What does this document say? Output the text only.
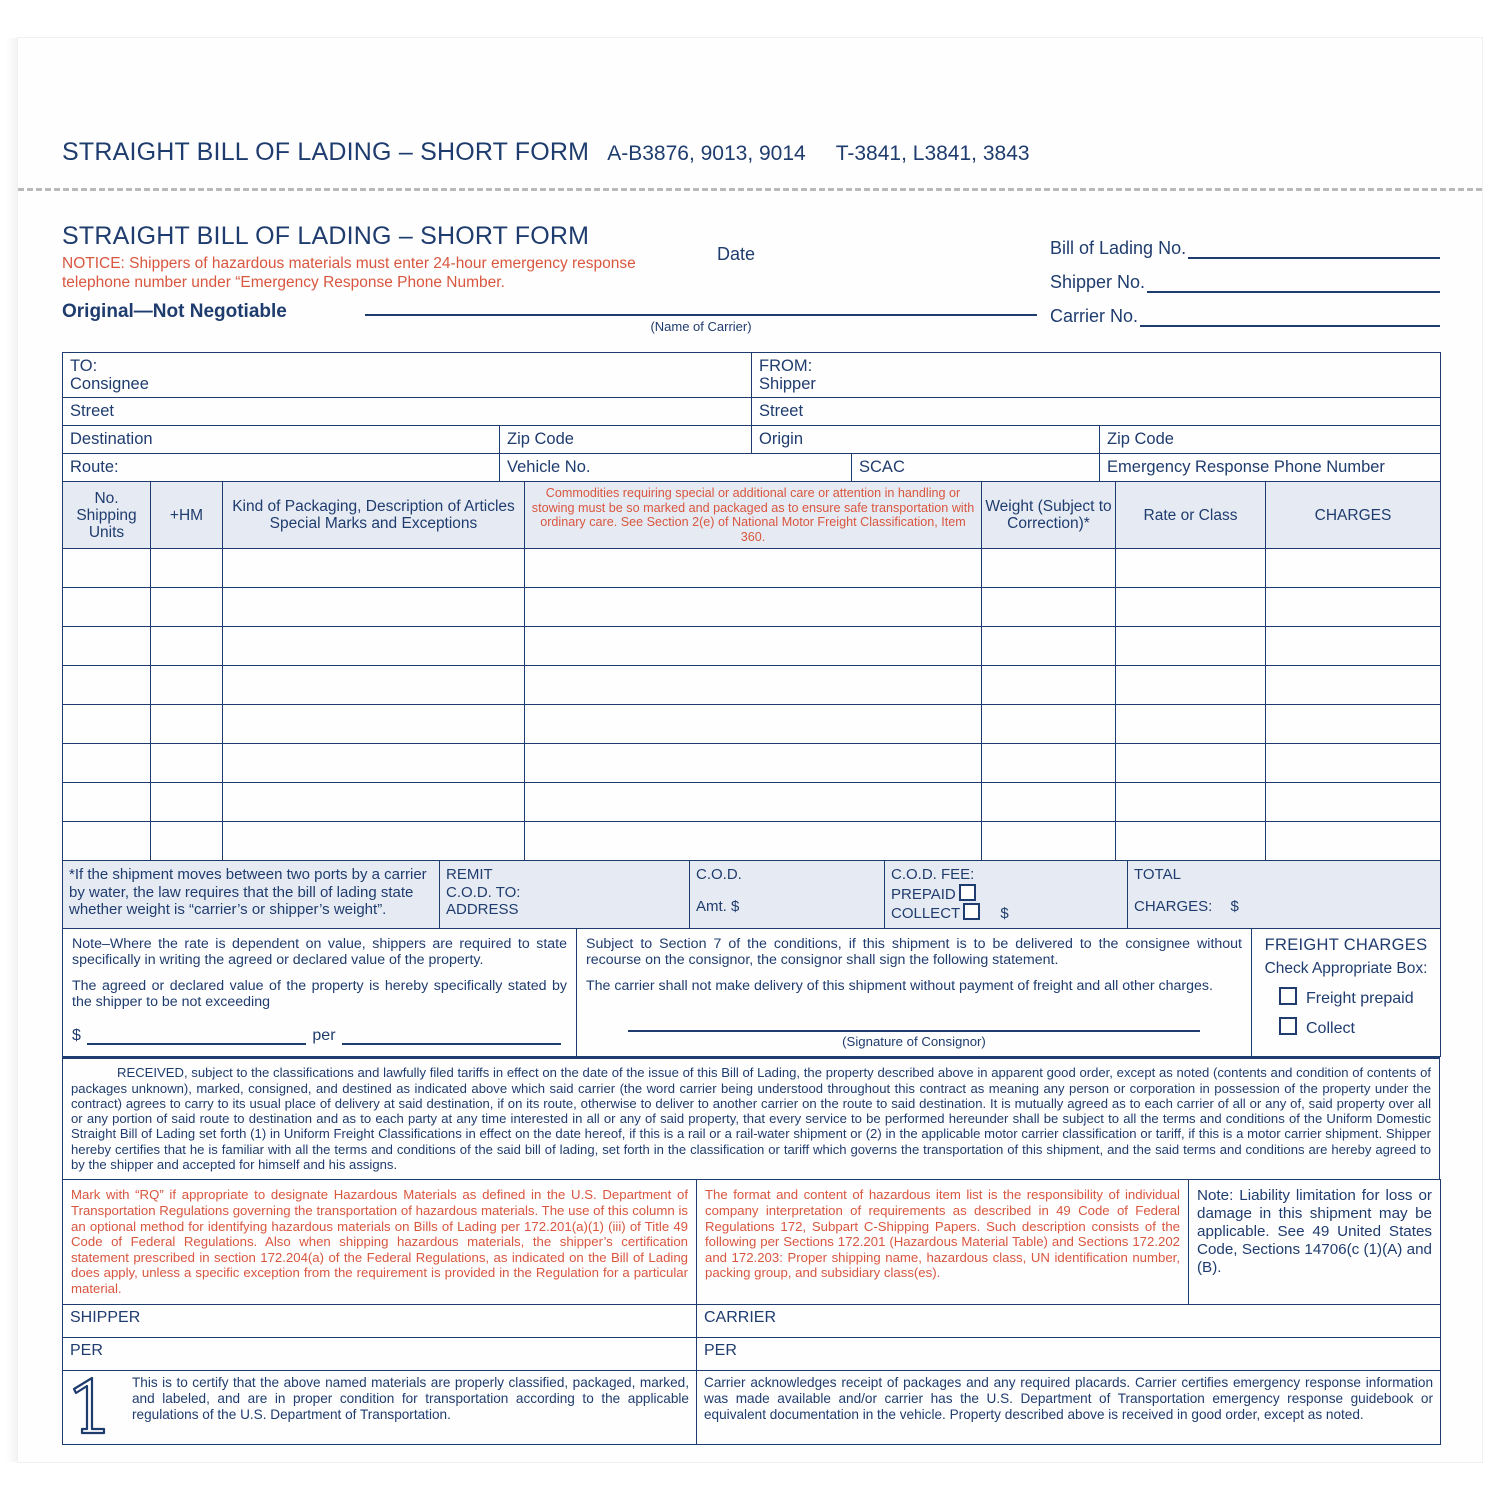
STRAIGHT BILL OF LADING – SHORT FORM A-B3876, 9013, 9014 T-3841, L3841, 3843
STRAIGHT BILL OF LADING – SHORT FORM
NOTICE: Shippers of hazardous materials must enter 24-hour emergency response telephone number under “Emergency Response Phone Number.
Original—Not Negotiable
(Name of Carrier)
Date	Bill of Lading No.
Shipper No.
Carrier No.
TO:
Consignee

FROM:
Shipper

Street		Street		
Destination	Zip Code	Origin		Zip Code
Route:	Vehicle No.		SCAC	Emergency Response Phone Number
No. Shipping Units	+HM	Kind of Packaging, Description of Articles Special Marks and Exceptions	Commodities requiring special or additional care or attention in handling or stowing must be so marked and packaged as to ensure safe transportation with ordinary care. See Section 2(e) of National Motor Freight Classification, Item 360.	Weight (Subject to Correction)*	Rate or Class	CHARGES

*If the shipment moves between two ports by a carrier by water, the law requires that the bill of lading state whether weight is “carrier’s or shipper’s weight”.	
REMIT
C.O.D. TO:
ADDRESS

C.O.D.
Amt. $

C.O.D. FEE:
PREPAID
COLLECT	$

TOTAL
CHARGES: $

Note–Where the rate is dependent on value, shippers are required to state specifically in writing the agreed or declared value of the property.

The agreed or declared value of the property is hereby specifically stated by the shipper to be not exceeding

$	per

Subject to Section 7 of the conditions, if this shipment is to be delivered to the consignee without recourse on the consignor, the consignor shall sign the following statement.

The carrier shall not make delivery of this shipment without payment of freight and all other charges.

(Signature of Consignor)

FREIGHT CHARGES
Check Appropriate Box:
Freight prepaid
Collect
RECEIVED, subject to the classifications and lawfully filed tariffs in effect on the date of the issue of this Bill of Lading, the property described above in apparent good order, except as noted (contents and condition of contents of packages unknown), marked, consigned, and destined as indicated above which said carrier (the word carrier being understood throughout this contract as meaning any person or corporation in possession of the property under the contract) agrees to carry to its usual place of delivery at said destination, if on its route, otherwise to deliver to another carrier on the route to said destination. It is mutually agreed as to each carrier of all or any of, said property over all or any portion of said route to destination and as to each party at any time interested in all or any of said property, that every service to be performed hereunder shall be subject to all the terms and conditions of the Uniform Domestic Straight Bill of Lading set forth (1) in Uniform Freight Classifications in effect on the date hereof, if this is a rail or a rail-water shipment or (2) in the applicable motor carrier classification or tariff, if this is a motor carrier shipment. Shipper hereby certifies that he is familiar with all the terms and conditions of the said bill of lading, set forth in the classification or tariff which governs the transportation of this shipment, and the said terms and conditions are hereby agreed to by the shipper and accepted for himself and his assigns.
Mark with “RQ” if appropriate to designate Hazardous Materials as defined in the U.S. Department of Transportation Regulations governing the transportation of hazardous materials. The use of this column is an optional method for identifying hazardous materials on Bills of Lading per 172.201(a)(1) (iii) of Title 49 Code of Federal Regulations. Also when shipping hazardous materials, the shipper’s certification statement prescribed in section 172.204(a) of the Federal Regulations, as indicated on the Bill of Lading does apply, unless a specific exception from the requirement is provided in the Regulation for a particular material.

The format and content of hazardous item list is the responsibility of individual company interpretation of requirements as described in 49 Code of Federal Regulations 172, Subpart C-Shipping Papers. Such description consists of the following per Sections 172.201 (Hazardous Material Table) and Sections 172.202 and 172.203: Proper shipping name, hazardous class, UN identification number, packing group, and subsidiary class(es).

Note: Liability limitation for loss or damage in this shipment may be applicable. See 49 United States Code, Sections 14706(c (1)(A) and (B).
SHIPPER	CARRIER
PER	PER

This is to certify that the above named materials are properly classified, packaged, marked, and labeled, and are in proper condition for transportation according to the applicable regulations of the U.S. Department of Transportation.

Carrier acknowledges receipt of packages and any required placards. Carrier certifies emergency response information was made available and/or carrier has the U.S. Department of Transportation emergency response guidebook or equivalent documentation in the vehicle. Property described above is received in good order, except as noted.
